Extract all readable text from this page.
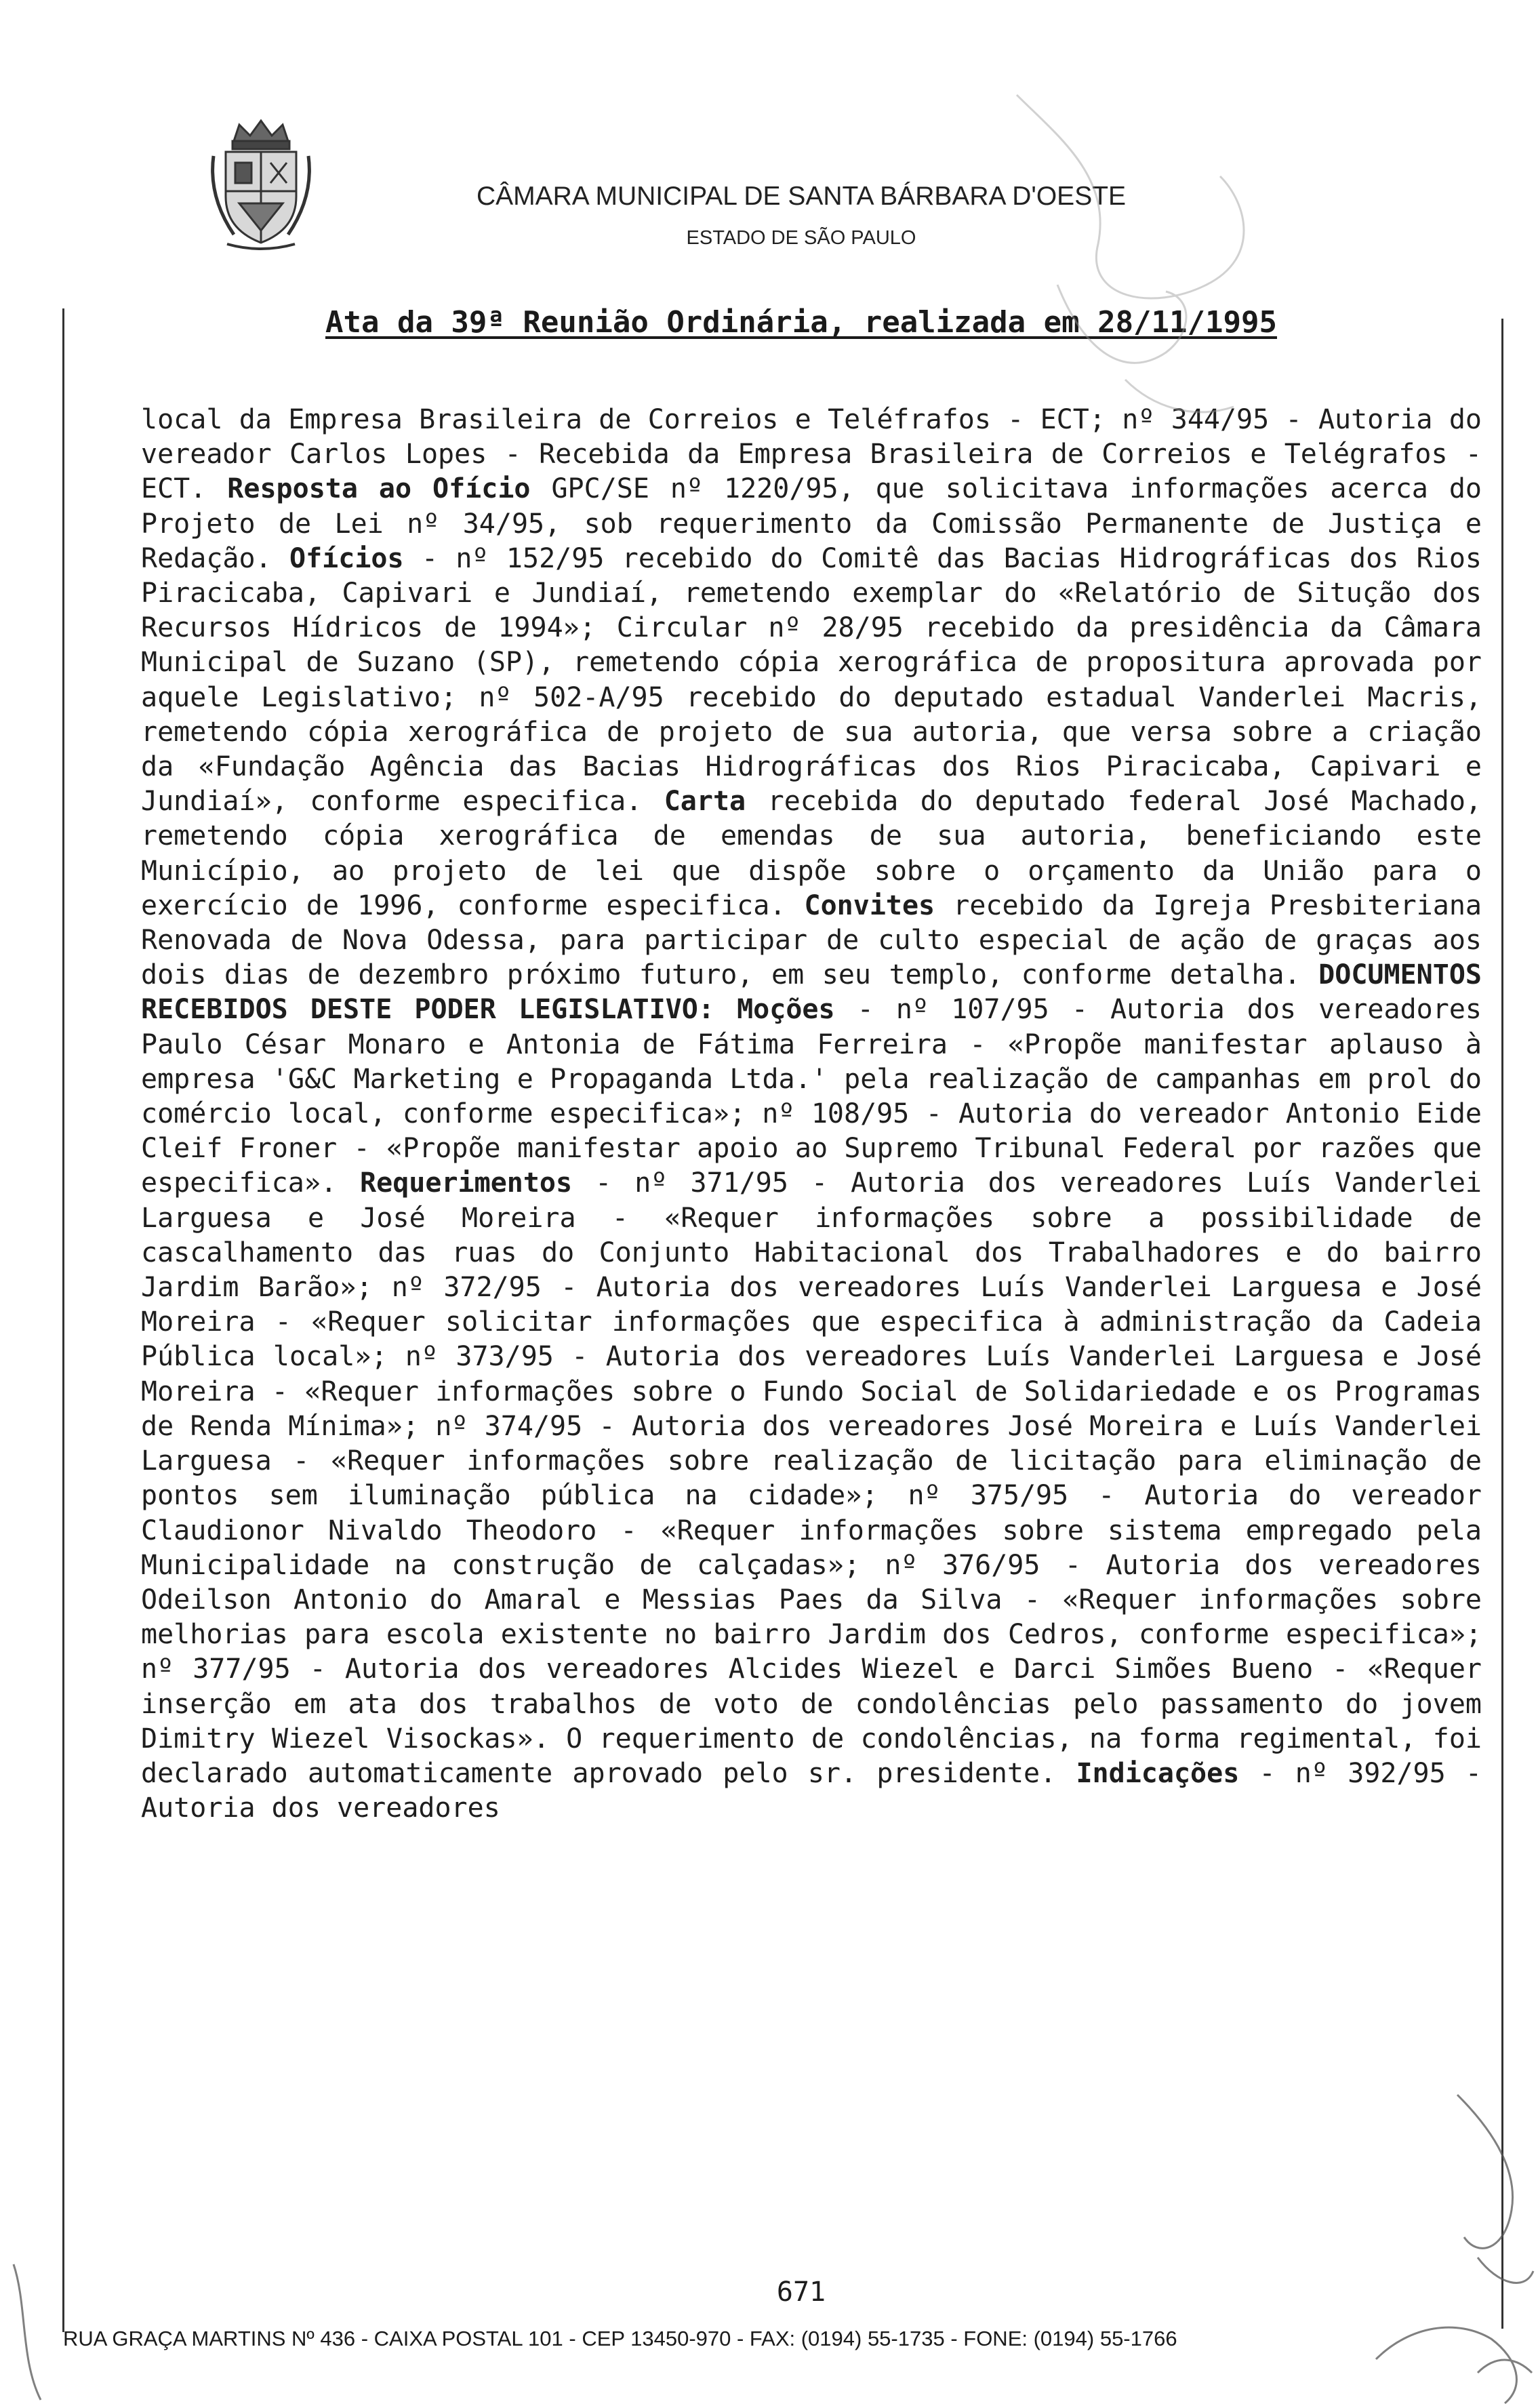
CÂMARA MUNICIPAL DE SANTA BÁRBARA D'OESTE
ESTADO DE SÃO PAULO
Ata da 39ª Reunião Ordinária, realizada em 28/11/1995

local da Empresa Brasileira de Correios e Teléfrafos - ECT; nº 344/95 - Autoria do vereador Carlos Lopes - Recebida da Empresa Brasileira de Correios e Telégrafos - ECT. Resposta ao Ofício GPC/SE nº 1220/95, que solicitava informações acerca do Projeto de Lei nº 34/95, sob requerimento da Comissão Permanente de Justiça e Redação. Ofícios - nº 152/95 recebido do Comitê das Bacias Hidrográficas dos Rios Piracicaba, Capivari e Jundiaí, remetendo exemplar do «Relatório de Situção dos Recursos Hídricos de 1994»; Circular nº 28/95 recebido da presidência da Câmara Municipal de Suzano (SP), remetendo cópia xerográfica de propositura aprovada por aquele Legislativo; nº 502-A/95 recebido do deputado estadual Vanderlei Macris, remetendo cópia xerográfica de projeto de sua autoria, que versa sobre a criação da «Fundação Agência das Bacias Hidrográficas dos Rios Piracicaba, Capivari e Jundiaí», conforme especifica. Carta recebida do deputado federal José Machado, remetendo cópia xerográfica de emendas de sua autoria, beneficiando este Município, ao projeto de lei que dispõe sobre o orçamento da União para o exercício de 1996, conforme especifica. Convites recebido da Igreja Presbiteriana Renovada de Nova Odessa, para participar de culto especial de ação de graças aos dois dias de dezembro próximo futuro, em seu templo, conforme detalha. DOCUMENTOS RECEBIDOS DESTE PODER LEGISLATIVO: Moções - nº 107/95 - Autoria dos vereadores Paulo César Monaro e Antonia de Fátima Ferreira - «Propõe manifestar aplauso à empresa 'G&C Marketing e Propaganda Ltda.' pela realização de campanhas em prol do comércio local, conforme especifica»; nº 108/95 - Autoria do vereador Antonio Eide Cleif Froner - «Propõe manifestar apoio ao Supremo Tribunal Federal por razões que especifica». Requerimentos - nº 371/95 - Autoria dos vereadores Luís Vanderlei Larguesa e José Moreira - «Requer informações sobre a possibilidade de cascalhamento das ruas do Conjunto Habitacional dos Trabalhadores e do bairro Jardim Barão»; nº 372/95 - Autoria dos vereadores Luís Vanderlei Larguesa e José Moreira - «Requer solicitar informações que especifica à administração da Cadeia Pública local»; nº 373/95 - Autoria dos vereadores Luís Vanderlei Larguesa e José Moreira - «Requer informações sobre o Fundo Social de Solidariedade e os Programas de Renda Mínima»; nº 374/95 - Autoria dos vereadores José Moreira e Luís Vanderlei Larguesa - «Requer informações sobre realização de licitação para eliminação de pontos sem iluminação pública na cidade»; nº 375/95 - Autoria do vereador Claudionor Nivaldo Theodoro - «Requer informações sobre sistema empregado pela Municipalidade na construção de calçadas»; nº 376/95 - Autoria dos vereadores Odeilson Antonio do Amaral e Messias Paes da Silva - «Requer informações sobre melhorias para escola existente no bairro Jardim dos Cedros, conforme especifica»; nº 377/95 - Autoria dos vereadores Alcides Wiezel e Darci Simões Bueno - «Requer inserção em ata dos trabalhos de voto de condolências pelo passamento do jovem Dimitry Wiezel Visockas». O requerimento de condolências, na forma regimental, foi declarado automaticamente aprovado pelo sr. presidente. Indicações - nº 392/95 - Autoria dos vereadores

671
RUA GRAÇA MARTINS Nº 436 - CAIXA POSTAL 101 - CEP 13450-970 - FAX: (0194) 55-1735 - FONE: (0194) 55-1766
